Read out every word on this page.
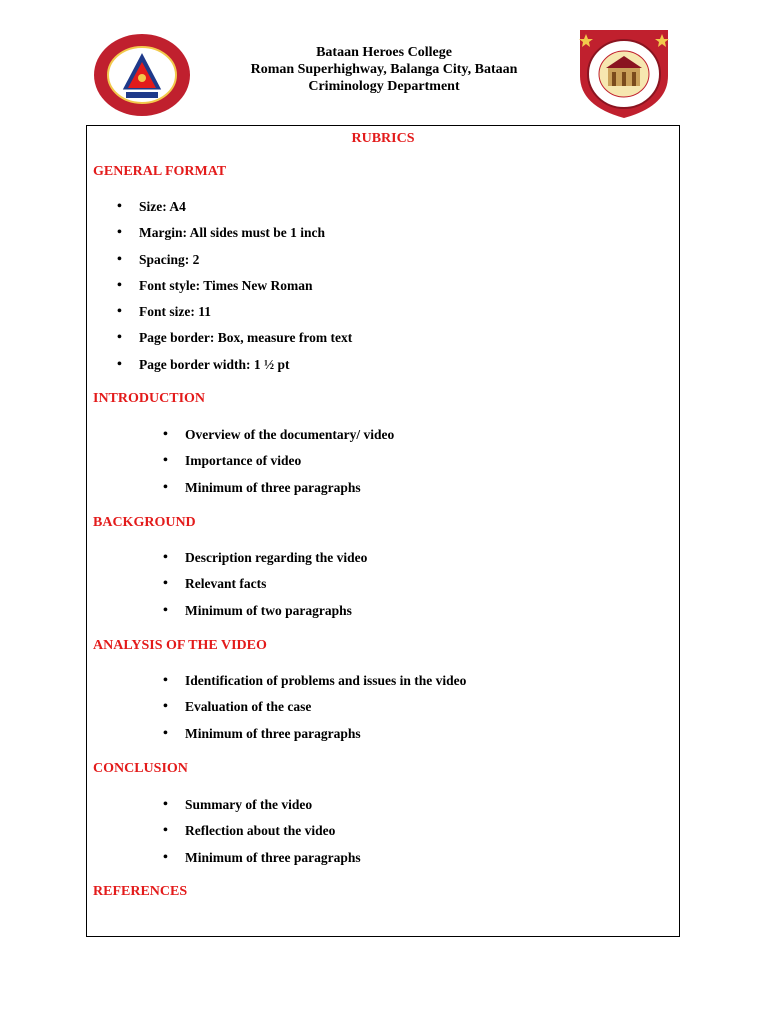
Bataan Heroes College
Roman Superhighway, Balanga City, Bataan
Criminology Department
RUBRICS
GENERAL FORMAT
• Size: A4
• Margin: All sides must be 1 inch
• Spacing: 2
• Font style: Times New Roman
• Font size: 11
• Page border: Box, measure from text
• Page border width: 1 ½ pt
INTRODUCTION
• Overview of the documentary/ video
• Importance of video
• Minimum of three paragraphs
BACKGROUND
• Description regarding the video
• Relevant facts
• Minimum of two paragraphs
ANALYSIS OF THE VIDEO
• Identification of problems and issues in the video
• Evaluation of the case
• Minimum of three paragraphs
CONCLUSION
• Summary of the video
• Reflection about the video
• Minimum of three paragraphs
REFERENCES
